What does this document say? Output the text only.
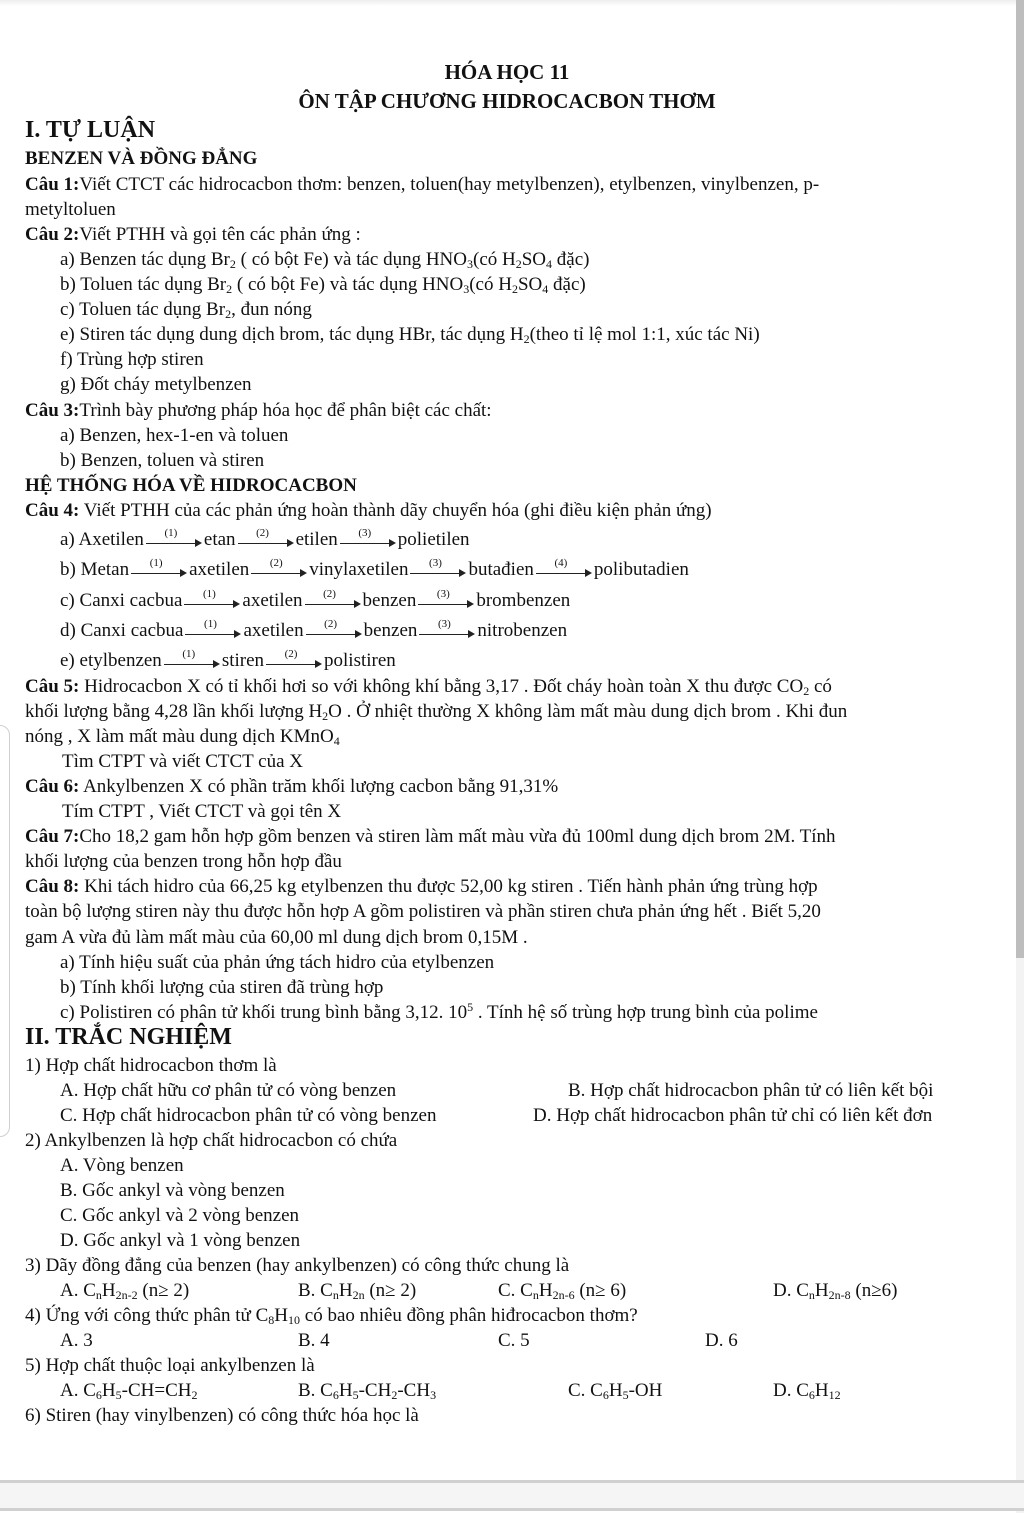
HÓA HỌC 11
ÔN TẬP CHƯƠNG HIDROCACBON THƠM
I. TỰ LUẬN
BENZEN VÀ ĐỒNG ĐẲNG
Câu 1:Viết CTCT các hidrocacbon thơm: benzen, toluen(hay metylbenzen), etylbenzen, vinylbenzen, p-
metyltoluen
Câu 2:Viết PTHH và gọi tên các phản ứng :
a) Benzen tác dụng $Br_2$ ( có bột Fe) và tác dụng $HNO_3(có$ $H_2SO_4$ đặc)
b) Toluen tác dụng $Br_2$ ( có bột Fe) và tác dụng $HNO_3(có$ $H_2SO_4$ đặc)
c) Toluen tác dụng $Br_2$, đun nóng
e) Stiren tác dụng dung dịch brom, tác dụng HBr, tác dụng $H_2(theo$ tỉ lệ mol 1:1, xúc tác Ni)
f) Trùng hợp stiren
g) Đốt cháy metylbenzen
Câu 3:Trình bày phương pháp hóa học để phân biệt các chất:
a) Benzen, hex-1-en và toluen
b) Benzen, toluen và stiren
HỆ THỐNG HÓA VỀ HIDROCACBON
Câu 4: Viết PTHH của các phản ứng hoàn thành dãy chuyển hóa (ghi điều kiện phản ứng)
a) Axetilen	(1)	etan	(2)	etilen	(3)	polietilen
b) Metan	(1)	axetilen	(2)	vinylaxetilen	(3)	butađien	(4)	polibutadien
c) Canxi cacbua	(1)	axetilen	(2)	benzen	(3)	brombenzen
d) Canxi cacbua	(1)	axetilen	(2)	benzen	(3)	nitrobenzen
e) etylbenzen	(1)	stiren	(2)	polistiren
Câu 5: Hidrocacbon X có tỉ khối hơi so với không khí bằng 3,17 . Đốt cháy hoàn toàn X thu được $CO_2$ có
khối lượng bằng 4,28 lần khối lượng $H_2O$ . Ở nhiệt thường X không làm mất màu dung dịch brom . Khi đun
nóng , X làm mất màu dung dịch KMnO$_4$
Tìm CTPT và viết CTCT của X
Câu 6: Ankylbenzen X có phần trăm khối lượng cacbon bằng 91,31%
Tím CTPT , Viết CTCT và gọi tên X
Câu 7:Cho 18,2 gam hỗn hợp gồm benzen và stiren làm mất màu vừa đủ 100ml dung dịch brom 2M. Tính
khối lượng của benzen trong hỗn hợp đầu
Câu 8: Khi tách hidro của 66,25 kg etylbenzen thu được 52,00 kg stiren . Tiến hành phản ứng trùng hợp
toàn bộ lượng stiren này thu được hỗn hợp A gồm polistiren và phần stiren chưa phản ứng hết . Biết 5,20
gam A vừa đủ làm mất màu của 60,00 ml dung dịch brom 0,15M .
a) Tính hiệu suất của phản ứng tách hidro của etylbenzen
b) Tính khối lượng của stiren đã trùng hợp
c) Polistiren có phân tử khối trung bình bằng 3,12. $10^5$ . Tính hệ số trùng hợp trung bình của polime
II. TRẮC NGHIỆM
1) Hợp chất hidrocacbon thơm là
A. Hợp chất hữu cơ phân tử có vòng benzen	B. Hợp chất hidrocacbon phân tử có liên kết bội
C. Hợp chất hidrocacbon phân tử có vòng benzen	D. Hợp chất hidrocacbon phân tử chỉ có liên kết đơn
2) Ankylbenzen là hợp chất hidrocacbon có chứa
A. Vòng benzen
B. Gốc ankyl và vòng benzen
C. Gốc ankyl và 2 vòng benzen
D. Gốc ankyl và 1 vòng benzen
3) Dãy đồng đẳng của benzen (hay ankylbenzen) có công thức chung là
A. $C_nH_{2n-2}$ (n≥ 2)	B. $C_nH_{2n}$ (n≥ 2)	C. $C_nH_{2n-6}$ (n≥ 6)	D. $C_nH_{2n-8}$ (n≥6)
4) Ứng với công thức phân tử $C_8H_{10}$ có bao nhiêu đồng phân hiđrocacbon thơm?
A. 3	B. 4	C. 5	D. 6
5) Hợp chất thuộc loại ankylbenzen là
A. $C_6H_5-CH=CH_2$	B. $C_6H_5-CH_2-CH_3$	C. $C_6H_5-OH$	D. $C_6H_{12}$
6) Stiren (hay vinylbenzen) có công thức hóa học là
